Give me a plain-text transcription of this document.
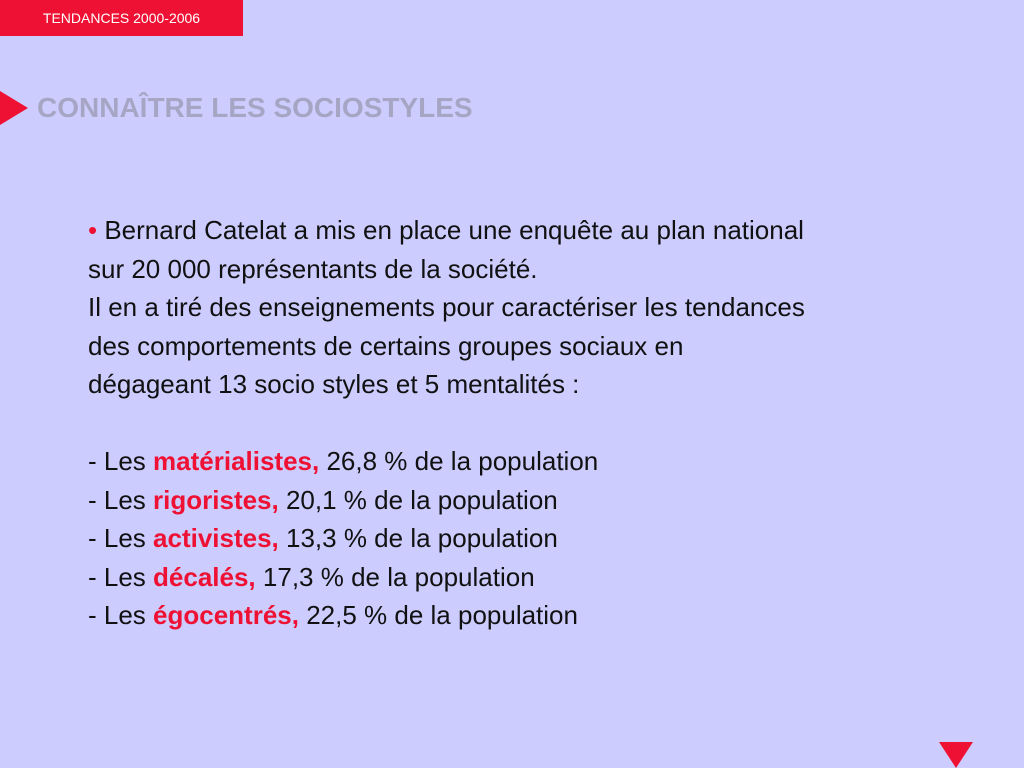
TENDANCES 2000-2006
CONNAÎTRE LES SOCIOSTYLES
• Bernard Catelat a mis en place une enquête au plan national
sur 20 000 représentants de la société.
Il en a tiré des enseignements pour caractériser les tendances
des comportements de certains groupes sociaux en
dégageant 13 socio styles et 5 mentalités :
- Les matérialistes, 26,8 % de la population
- Les rigoristes, 20,1 % de la population
- Les activistes, 13,3 % de la population
- Les décalés, 17,3 % de la population
- Les égocentrés, 22,5 % de la population
